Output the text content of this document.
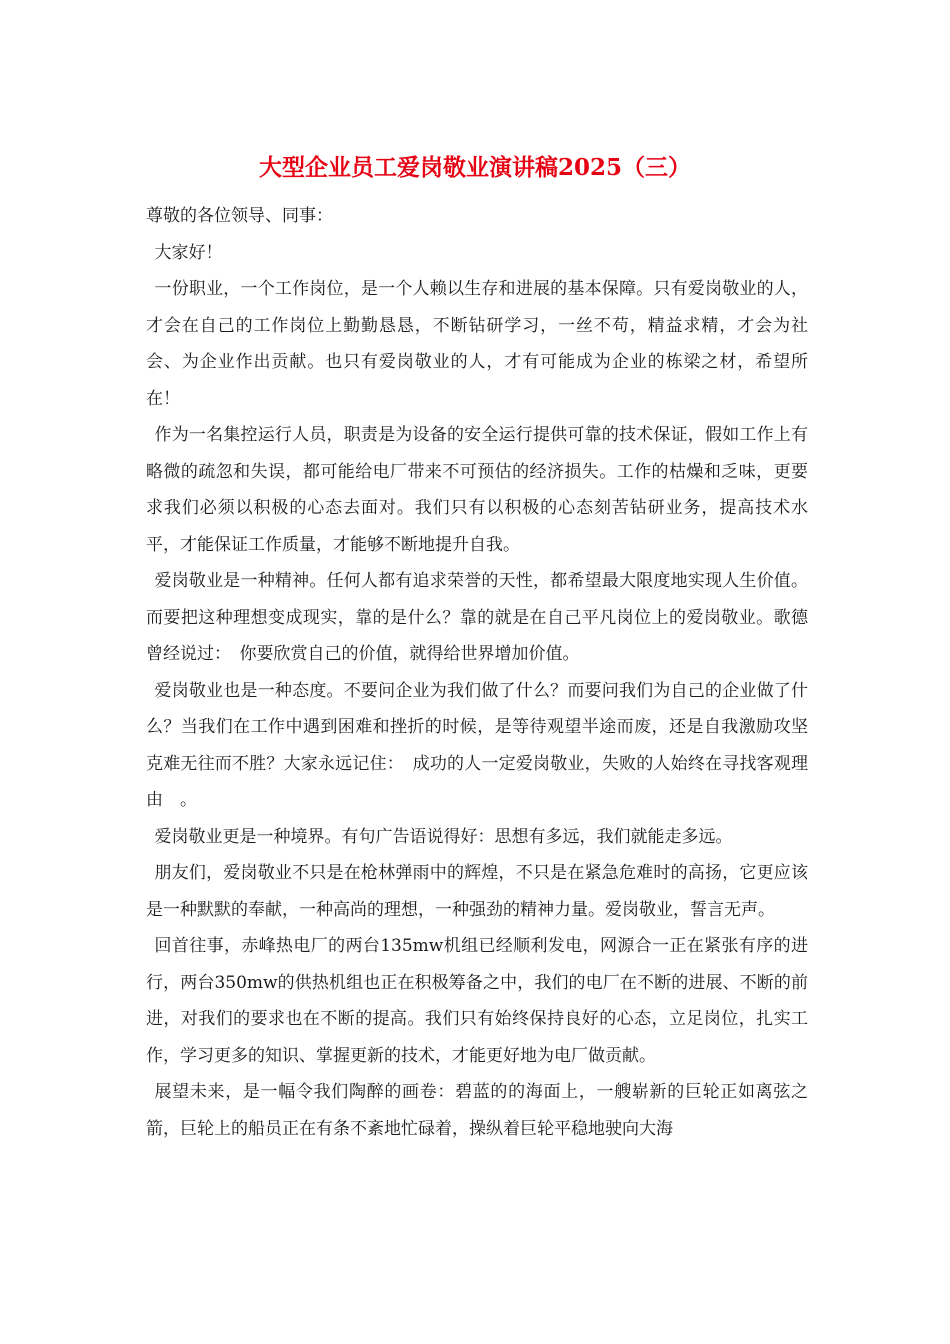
大型企业员工爱岗敬业演讲稿2025（三）

尊敬的各位领导、同事：

大家好！

一份职业，一个工作岗位，是一个人赖以生存和进展的基本保障。只有爱岗敬业的人，才会在自己的工作岗位上勤勤恳恳，不断钻研学习，一丝不苟，精益求精，才会为社会、为企业作出贡献。也只有爱岗敬业的人，才有可能成为企业的栋梁之材，希望所在！

作为一名集控运行人员，职责是为设备的安全运行提供可靠的技术保证，假如工作上有略微的疏忽和失误，都可能给电厂带来不可预估的经济损失。工作的枯燥和乏味，更要求我们必须以积极的心态去面对。我们只有以积极的心态刻苦钻研业务，提高技术水平，才能保证工作质量，才能够不断地提升自我。

爱岗敬业是一种精神。任何人都有追求荣誉的天性，都希望最大限度地实现人生价值。而要把这种理想变成现实，靠的是什么？靠的就是在自己平凡岗位上的爱岗敬业。歌德曾经说过：　你要欣赏自己的价值，就得给世界增加价值。

爱岗敬业也是一种态度。不要问企业为我们做了什么？而要问我们为自己的企业做了什么？当我们在工作中遇到困难和挫折的时候，是等待观望半途而废，还是自我激励攻坚克难无往而不胜？大家永远记住：　成功的人一定爱岗敬业，失败的人始终在寻找客观理由　。

爱岗敬业更是一种境界。有句广告语说得好：思想有多远，我们就能走多远。

朋友们，爱岗敬业不只是在枪林弹雨中的辉煌，不只是在紧急危难时的高扬，它更应该是一种默默的奉献，一种高尚的理想，一种强劲的精神力量。爱岗敬业，誓言无声。

回首往事，赤峰热电厂的两台135mw机组已经顺利发电，网源合一正在紧张有序的进行，两台350mw的供热机组也正在积极筹备之中，我们的电厂在不断的进展、不断的前进，对我们的要求也在不断的提高。我们只有始终保持良好的心态，立足岗位，扎实工作，学习更多的知识、掌握更新的技术，才能更好地为电厂做贡献。

展望未来，是一幅令我们陶醉的画卷：碧蓝的的海面上，一艘崭新的巨轮正如离弦之箭，巨轮上的船员正在有条不紊地忙碌着，操纵着巨轮平稳地驶向大海
